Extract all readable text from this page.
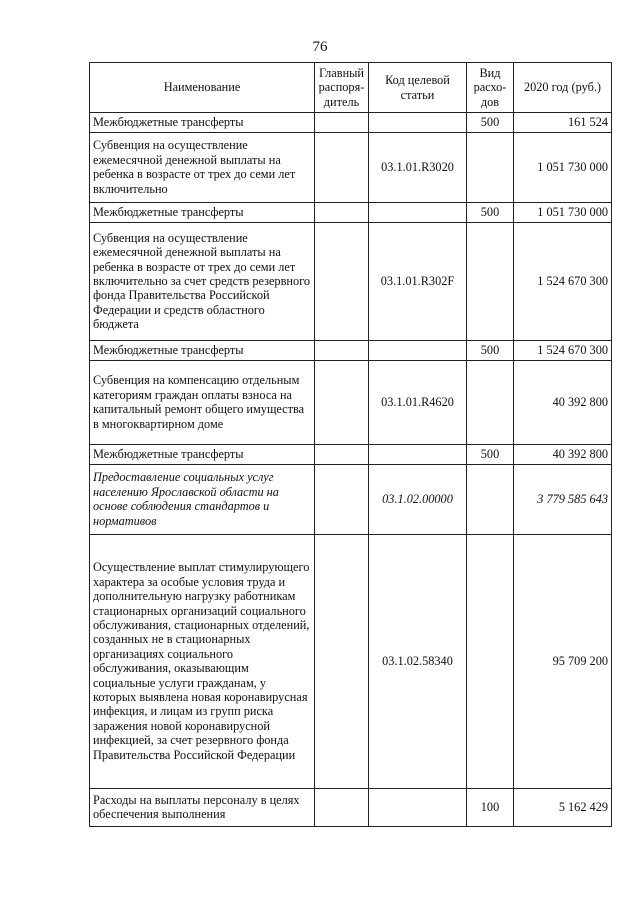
76
Наименование	Главный распоря-дитель	Код целевой статьи	Вид расхо-дов	2020 год (руб.)
Межбюджетные трансферты			500	161 524
Субвенция на осуществление ежемесячной денежной выплаты на ребенка в возрасте от трех до семи лет включительно		03.1.01.R3020		1 051 730 000
Межбюджетные трансферты			500	1 051 730 000
Субвенция на осуществление ежемесячной денежной выплаты на ребенка в возрасте от трех до семи лет включительно за счет средств резервного фонда Правительства Российской Федерации и средств областного бюджета		03.1.01.R302F		1 524 670 300
Межбюджетные трансферты			500	1 524 670 300
Субвенция на компенсацию отдельным категориям граждан оплаты взноса на капитальный ремонт общего имущества в многоквартирном доме		03.1.01.R4620		40 392 800
Межбюджетные трансферты			500	40 392 800
Предоставление социальных услуг населению Ярославской области на основе соблюдения стандартов и нормативов		03.1.02.00000		3 779 585 643
Осуществление выплат стимулирующего характера за особые условия труда и дополнительную нагрузку работникам стационарных организаций социального обслуживания, стационарных отделений, созданных не в стационарных организациях социального обслуживания, оказывающим социальные услуги гражданам, у которых выявлена новая коронавирусная инфекция, и лицам из групп риска заражения новой коронавирусной инфекцией, за счет резервного фонда Правительства Российской Федерации		03.1.02.58340		95 709 200
Расходы на выплаты персоналу в целях обеспечения выполнения			100	5 162 429
